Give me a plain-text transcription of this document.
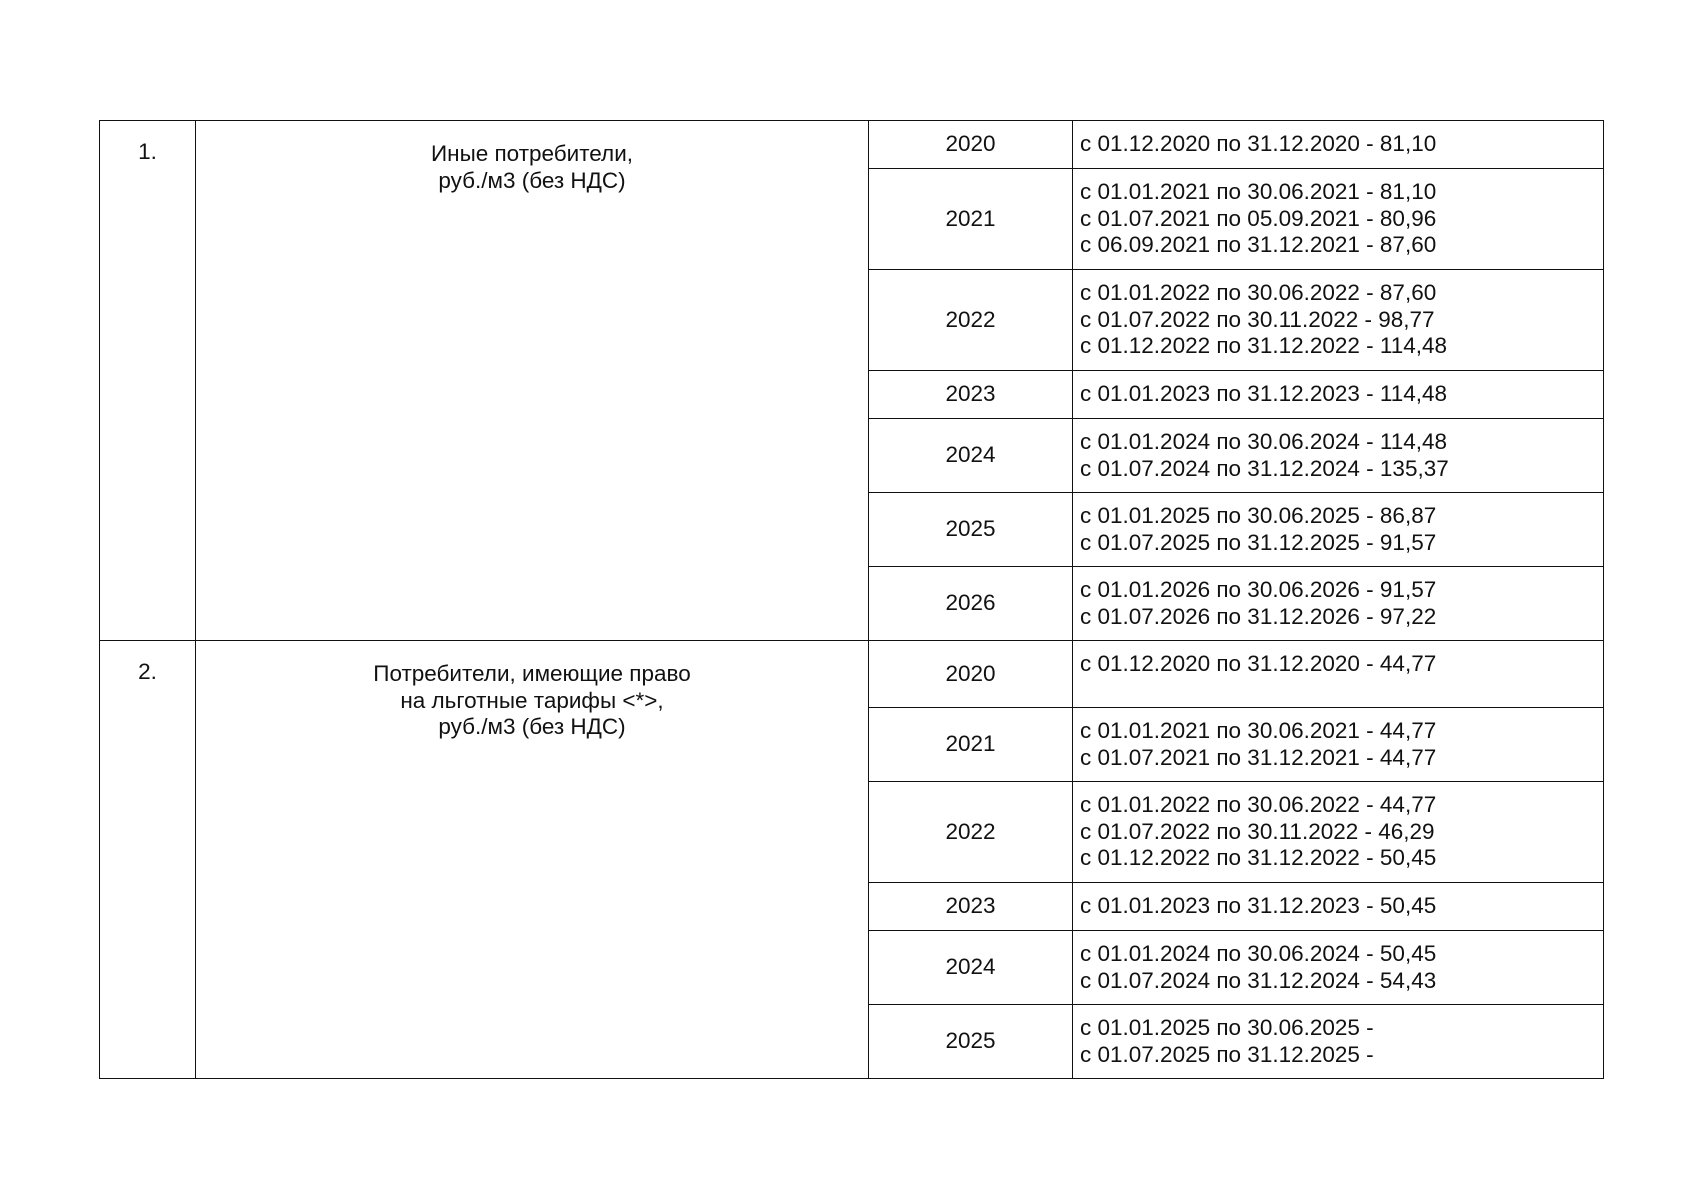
1.	Иные потребители,
руб./м3 (без НДС)	2020	с 01.12.2020 по 31.12.2020 - 81,10

		2021	с 01.01.2021 по 30.06.2021 - 81,10
с 01.07.2021 по 05.09.2021 - 80,96
с 06.09.2021 по 31.12.2021 - 87,60

		2022	с 01.01.2022 по 30.06.2022 - 87,60
с 01.07.2022 по 30.11.2022 - 98,77
с 01.12.2022 по 31.12.2022 - 114,48

		2023	с 01.01.2023 по 31.12.2023 - 114,48

		2024	с 01.01.2024 по 30.06.2024 - 114,48
с 01.07.2024 по 31.12.2024 - 135,37

		2025	с 01.01.2025 по 30.06.2025 - 86,87
с 01.07.2025 по 31.12.2025 - 91,57

		2026	с 01.01.2026 по 30.06.2026 - 91,57
с 01.07.2026 по 31.12.2026 - 97,22

2.	Потребители, имеющие право
на льготные тарифы <*>,
руб./м3 (без НДС)	2020	с 01.12.2020 по 31.12.2020 - 44,77

		2021	с 01.01.2021 по 30.06.2021 - 44,77
с 01.07.2021 по 31.12.2021 - 44,77

		2022	с 01.01.2022 по 30.06.2022 - 44,77
с 01.07.2022 по 30.11.2022 - 46,29
с 01.12.2022 по 31.12.2022 - 50,45

		2023	с 01.01.2023 по 31.12.2023 - 50,45

		2024	с 01.01.2024 по 30.06.2024 - 50,45
с 01.07.2024 по 31.12.2024 - 54,43

		2025	с 01.01.2025 по 30.06.2025 -
с 01.07.2025 по 31.12.2025 -
